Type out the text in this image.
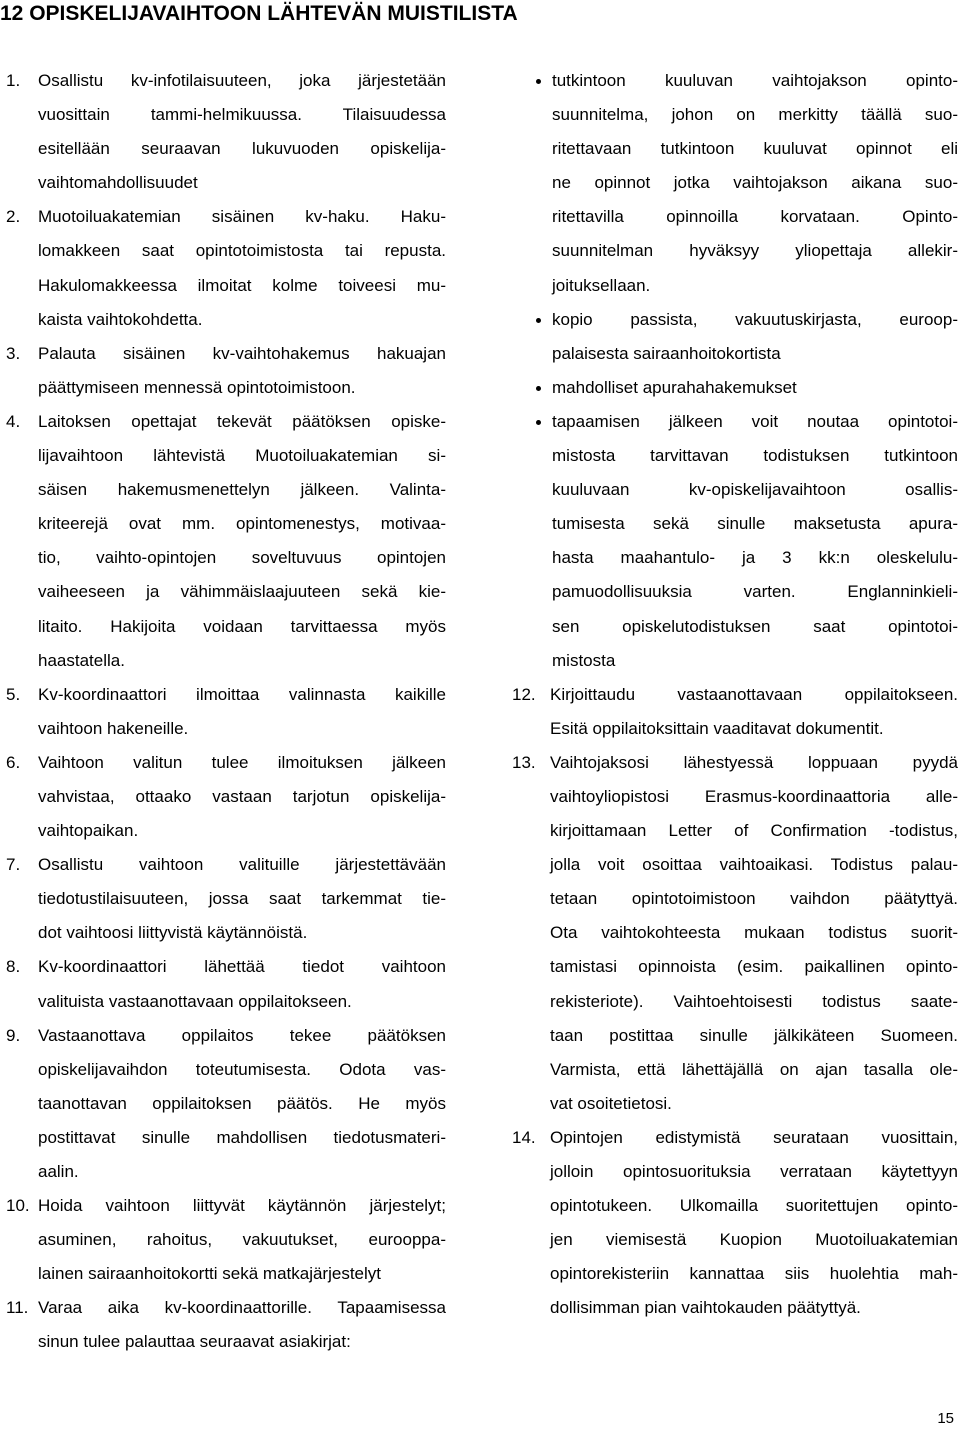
12 OPISKELIJAVAIHTOON LÄHTEVÄN MUISTILISTA
1.	Osallistu kv-infotilaisuuteen, joka järjestetään
vuosittain tammi-helmikuussa. Tilaisuudessa
esitellään seuraavan lukuvuoden opiskelija-
vaihtomahdollisuudet
2.	Muotoiluakatemian sisäinen kv-haku. Haku-
lomakkeen saat opintotoimistosta tai repusta.
Hakulomakkeessa ilmoitat kolme toiveesi mu-
kaista vaihtokohdetta.
3.	Palauta sisäinen kv-vaihtohakemus hakuajan
päättymiseen mennessä opintotoimistoon.
4.	Laitoksen opettajat tekevät päätöksen opiske-
lijavaihtoon lähtevistä Muotoiluakatemian si-
säisen hakemusmenettelyn jälkeen. Valinta-
kriteerejä ovat mm. opintomenestys, motivaa-
tio, vaihto-opintojen soveltuvuus opintojen
vaiheeseen ja vähimmäislaajuuteen sekä kie-
litaito. Hakijoita voidaan tarvittaessa myös
haastatella.
5.	Kv-koordinaattori ilmoittaa valinnasta kaikille
vaihtoon hakeneille.
6.	Vaihtoon valitun tulee ilmoituksen jälkeen
vahvistaa, ottaako vastaan tarjotun opiskelija-
vaihtopaikan.
7.	Osallistu vaihtoon valituille järjestettävään
tiedotustilaisuuteen, jossa saat tarkemmat tie-
dot vaihtoosi liittyvistä käytännöistä.
8.	Kv-koordinaattori lähettää tiedot vaihtoon
valituista vastaanottavaan oppilaitokseen.
9.	Vastaanottava oppilaitos tekee päätöksen
opiskelijavaihdon toteutumisesta. Odota vas-
taanottavan oppilaitoksen päätös. He myös
postittavat sinulle mahdollisen tiedotusmateri-
aalin.
10. Hoida vaihtoon liittyvät käytännön järjestelyt;
asuminen, rahoitus, vakuutukset, eurooppa-
lainen sairaanhoitokortti sekä matkajärjestelyt
11. Varaa aika kv-koordinaattorille. Tapaamisessa
sinun tulee palauttaa seuraavat asiakirjat:
tutkintoon kuuluvan vaihtojakson opinto-
suunnitelma, johon on merkitty täällä suo-
ritettavaan tutkintoon kuuluvat opinnot eli
ne opinnot jotka vaihtojakson aikana suo-
ritettavilla opinnoilla korvataan. Opinto-
suunnitelman hyväksyy yliopettaja allekir-
joituksellaan.
kopio passista, vakuutuskirjasta, euroop-
palaisesta sairaanhoitokortista
mahdolliset apurahahakemukset
tapaamisen jälkeen voit noutaa opintotoi-
mistosta tarvittavan todistuksen tutkintoon
kuuluvaan kv-opiskelijavaihtoon osallis-
tumisesta sekä sinulle maksetusta apura-
hasta maahantulo- ja 3 kk:n oleskelulu-
pamuodollisuuksia varten. Englanninkieli-
sen opiskelutodistuksen saat opintotoi-
mistosta
12. Kirjoittaudu vastaanottavaan oppilaitokseen.
Esitä oppilaitoksittain vaaditavat dokumentit.
13. Vaihtojaksosi lähestyessä loppuaan pyydä
vaihtoyliopistosi Erasmus-koordinaattoria alle-
kirjoittamaan Letter of Confirmation -todistus,
jolla voit osoittaa vaihtoaikasi. Todistus palau-
tetaan opintotoimistoon vaihdon päätyttyä.
Ota vaihtokohteesta mukaan todistus suorit-
tamistasi opinnoista (esim. paikallinen opinto-
rekisteriote). Vaihtoehtoisesti todistus saate-
taan postittaa sinulle jälkikäteen Suomeen.
Varmista, että lähettäjällä on ajan tasalla ole-
vat osoitetietosi.
14. Opintojen edistymistä seurataan vuosittain,
jolloin opintosuorituksia verrataan käytettyyn
opintotukeen. Ulkomailla suoritettujen opinto-
jen viemisestä Kuopion Muotoiluakatemian
opintorekisteriin kannattaa siis huolehtia mah-
dollisimman pian vaihtokauden päätyttyä.
15
